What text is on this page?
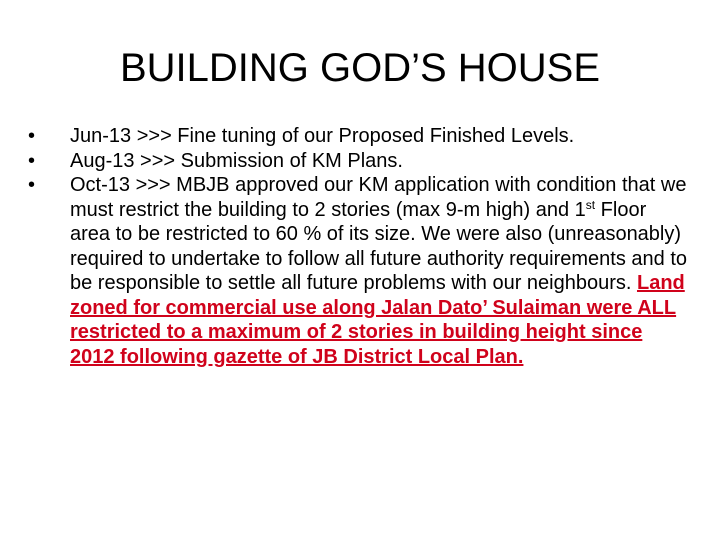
BUILDING GOD’S HOUSE
•	Jun-13 >>> Fine tuning of our Proposed Finished Levels.
•	Aug-13 >>> Submission of KM Plans.
•	Oct-13 >>> MBJB approved our KM application with condition that we must restrict the building to 2 stories (max 9-m high) and 1st Floor area to be restricted to 60 % of its size. We were also (unreasonably) required to undertake to follow all future authority requirements and to be responsible to settle all future problems with our neighbours. Land zoned for commercial use along Jalan Dato’ Sulaiman were ALL restricted to a maximum of 2 stories in building height since 2012 following gazette of JB District Local Plan.
